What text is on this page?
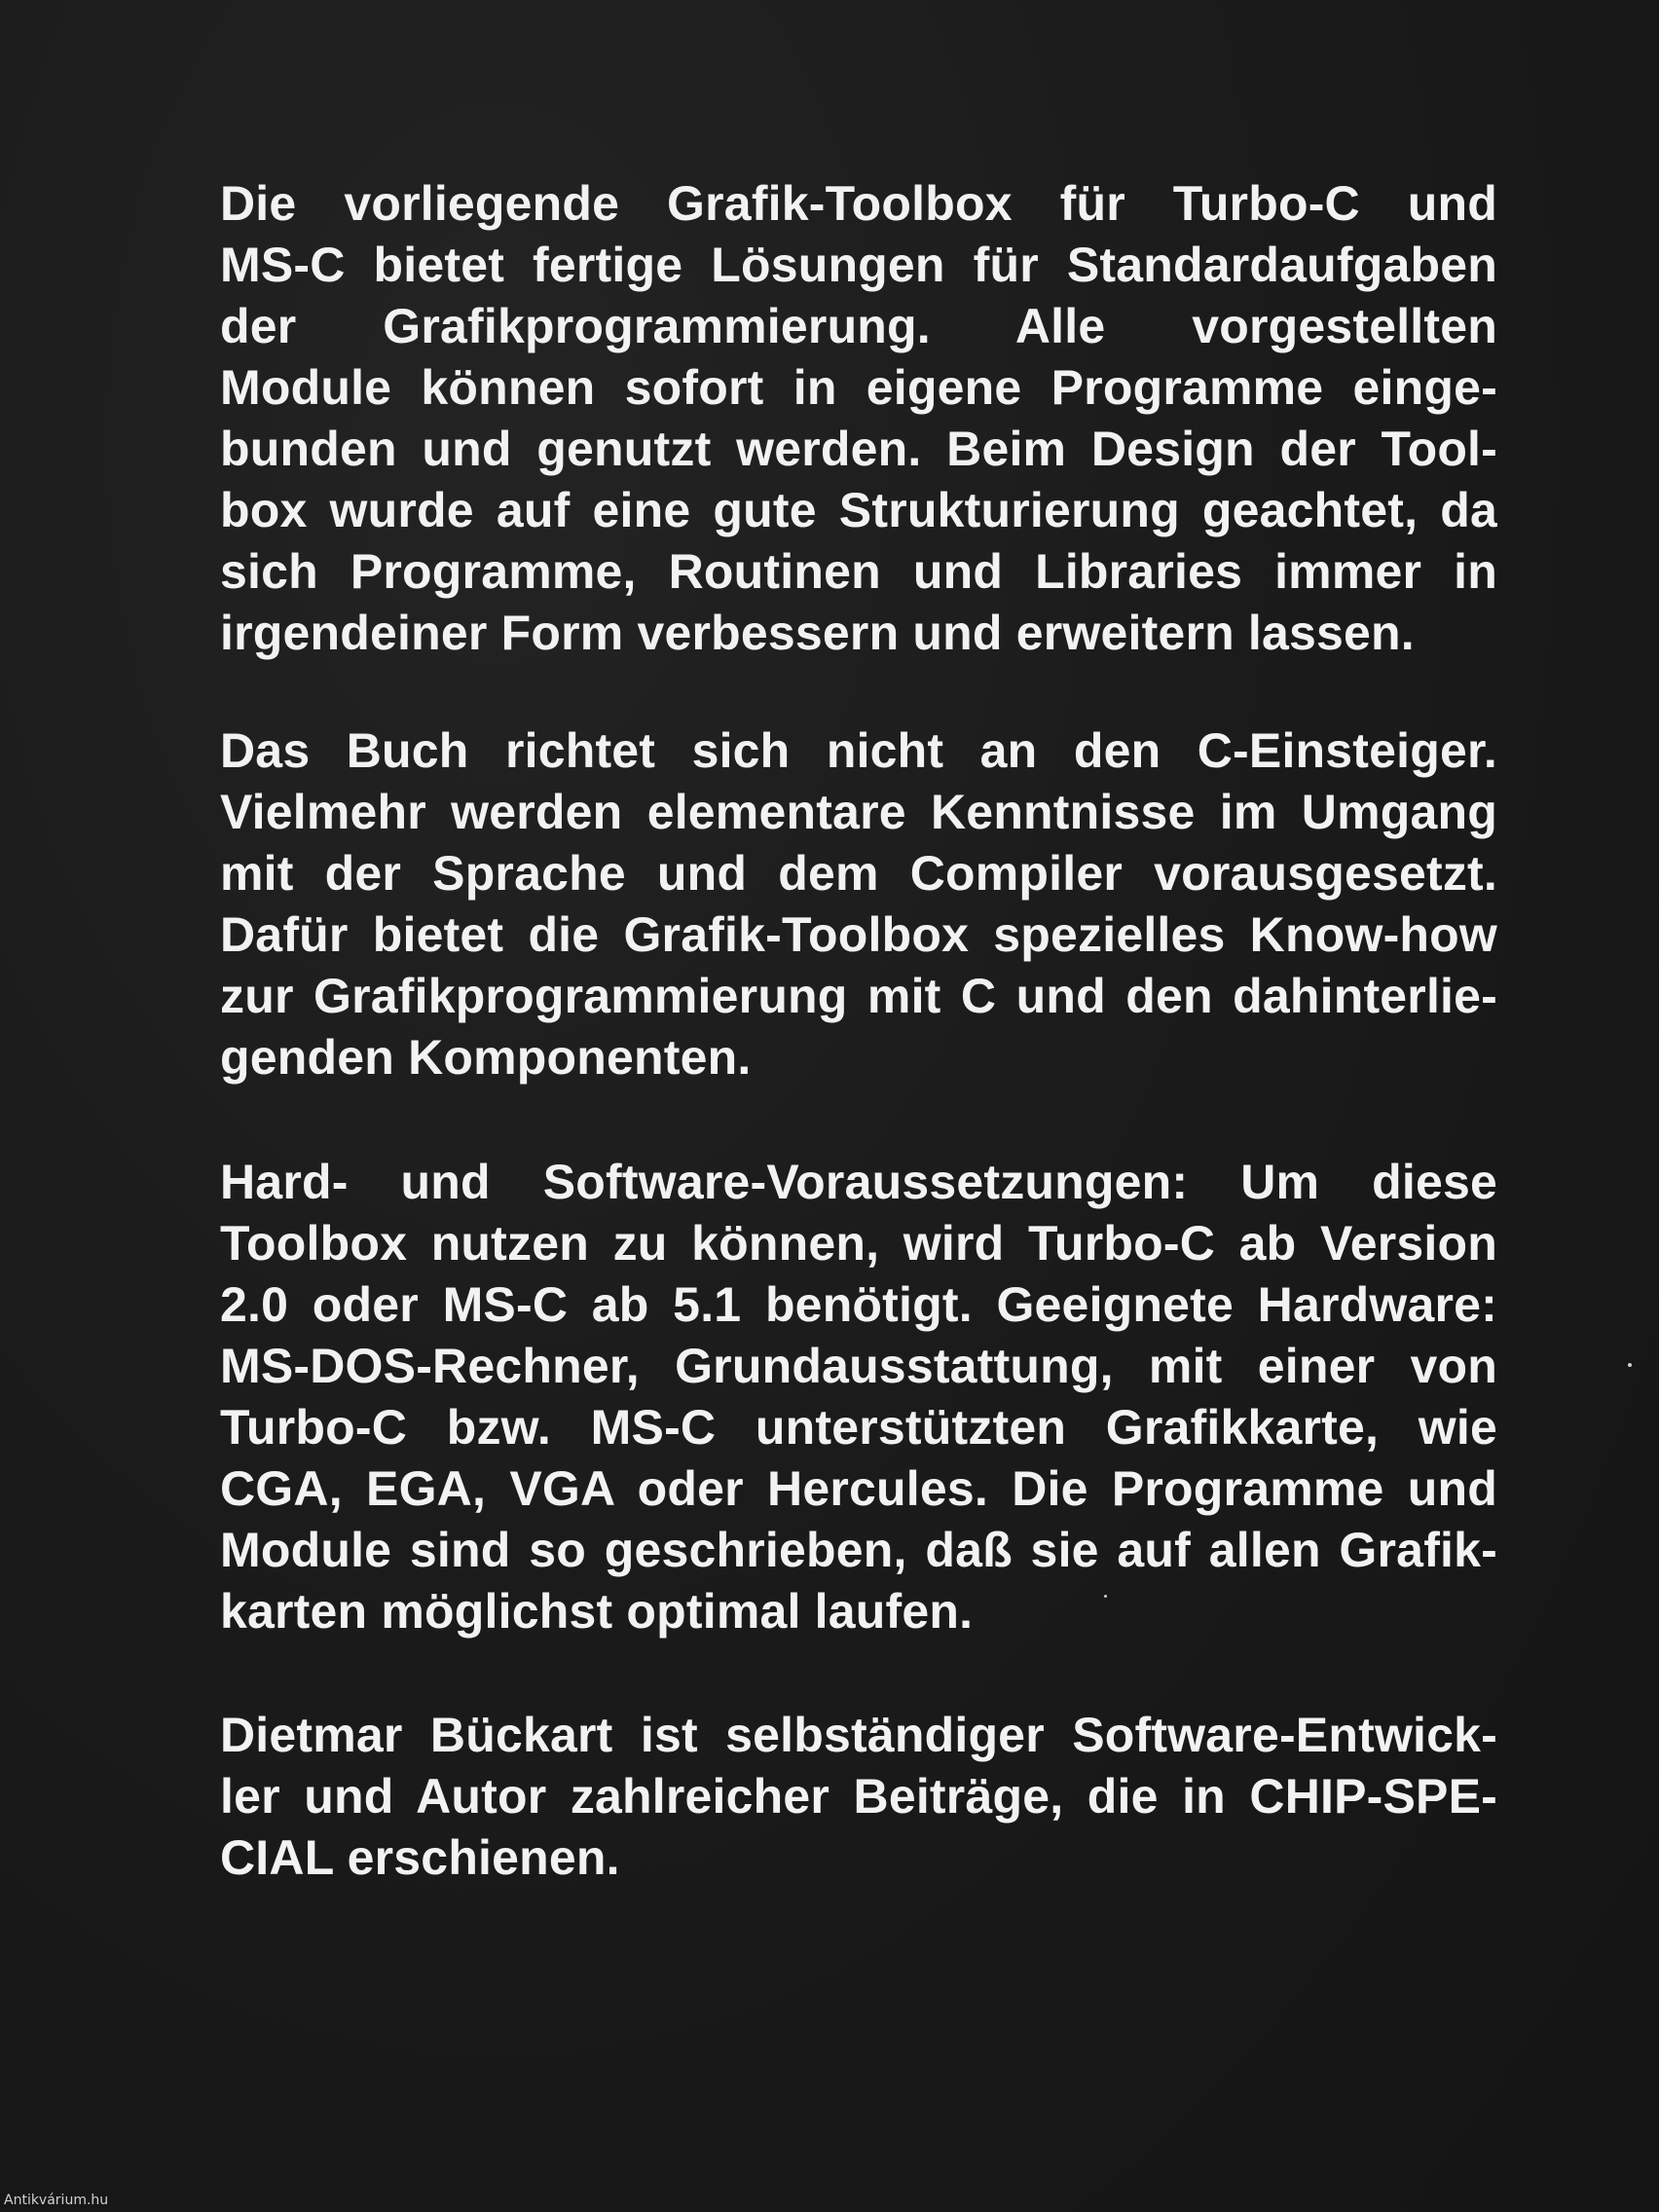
Die vorliegende Grafik-Toolbox für Turbo-C und
MS-C bietet fertige Lösungen für Standardaufgaben
der Grafikprogrammierung. Alle vorgestellten
Module können sofort in eigene Programme einge-
bunden und genutzt werden. Beim Design der Tool-
box wurde auf eine gute Strukturierung geachtet, da
sich Programme, Routinen und Libraries immer in
irgendeiner Form verbessern und erweitern lassen.
Das Buch richtet sich nicht an den C-Einsteiger.
Vielmehr werden elementare Kenntnisse im Umgang
mit der Sprache und dem Compiler vorausgesetzt.
Dafür bietet die Grafik-Toolbox spezielles Know-how
zur Grafikprogrammierung mit C und den dahinterlie-
genden Komponenten.
Hard- und Software-Voraussetzungen: Um diese
Toolbox nutzen zu können, wird Turbo-C ab Version
2.0 oder MS-C ab 5.1 benötigt. Geeignete Hardware:
MS-DOS-Rechner, Grundausstattung, mit einer von
Turbo-C bzw. MS-C unterstützten Grafikkarte, wie
CGA, EGA, VGA oder Hercules. Die Programme und
Module sind so geschrieben, daß sie auf allen Grafik-
karten möglichst optimal laufen.
Dietmar Bückart ist selbständiger Software-Entwick-
ler und Autor zahlreicher Beiträge, die in CHIP-SPE-
CIAL erschienen.
Antikvárium.hu
